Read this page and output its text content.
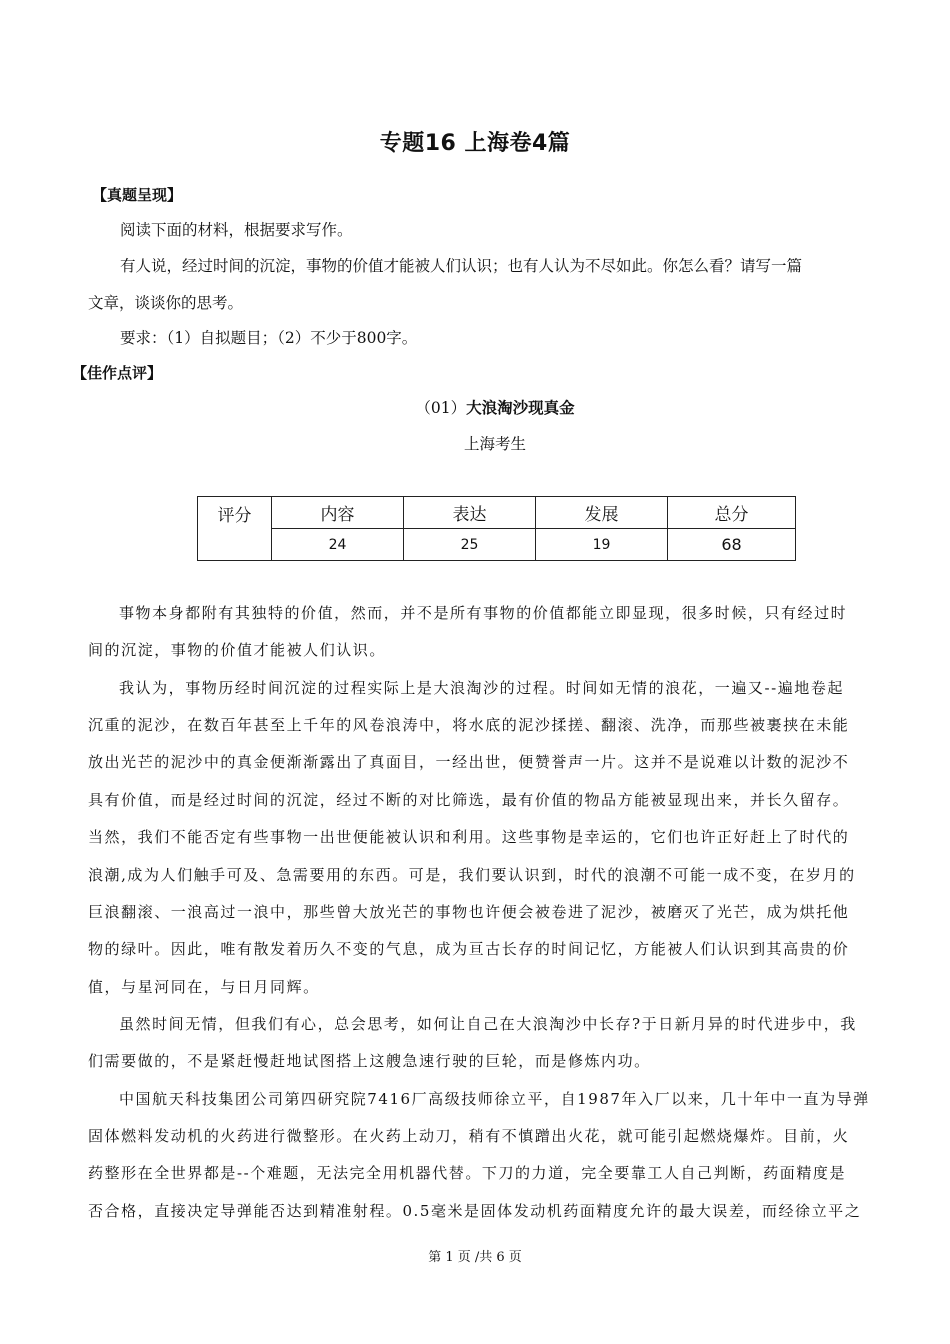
专题16 上海卷4篇
【真题呈现】
阅读下面的材料，根据要求写作。
有人说，经过时间的沉淀，事物的价值才能被人们认识；也有人认为不尽如此。你怎么看？请写一篇
文章，谈谈你的思考。
要求：（1）自拟题目；（2）不少于800字。
【佳作点评】
（01）大浪淘沙现真金
上海考生
评分	内容	表达	发展	总分
	24	25	19	68
事物本身都附有其独特的价值，然而，并不是所有事物的价值都能立即显现，很多时候，只有经过时
间的沉淀，事物的价值才能被人们认识。
我认为，事物历经时间沉淀的过程实际上是大浪淘沙的过程。时间如无情的浪花，一遍又--遍地卷起
沉重的泥沙，在数百年甚至上千年的风卷浪涛中，将水底的泥沙揉搓、翻滚、洗净，而那些被裹挟在未能
放出光芒的泥沙中的真金便渐渐露出了真面目，一经出世，便赞誉声一片。这并不是说难以计数的泥沙不
具有价值，而是经过时间的沉淀，经过不断的对比筛选，最有价值的物品方能被显现出来，并长久留存。
当然，我们不能否定有些事物一出世便能被认识和利用。这些事物是幸运的，它们也许正好赶上了时代的
浪潮,成为人们触手可及、急需要用的东西。可是，我们要认识到，时代的浪潮不可能一成不变，在岁月的
巨浪翻滚、一浪高过一浪中，那些曾大放光芒的事物也许便会被卷进了泥沙，被磨灭了光芒，成为烘托他
物的绿叶。因此，唯有散发着历久不变的气息，成为亘古长存的时间记忆，方能被人们认识到其高贵的价
值，与星河同在，与日月同辉。
虽然时间无情，但我们有心，总会思考，如何让自己在大浪淘沙中长存?于日新月异的时代进步中，我
们需要做的，不是紧赶慢赶地试图搭上这艘急速行驶的巨轮，而是修炼内功。
中国航天科技集团公司第四研究院7416厂高级技师徐立平，自1987年入厂以来，几十年中一直为导弹
固体燃料发动机的火药进行微整形。在火药上动刀，稍有不慎蹭出火花，就可能引起燃烧爆炸。目前，火
药整形在全世界都是--个难题，无法完全用机器代替。下刀的力道，完全要靠工人自己判断，药面精度是
否合格，直接决定导弹能否达到精准射程。0.5毫米是固体发动机药面精度允许的最大误差，而经徐立平之
第 1 页 /共 6 页
